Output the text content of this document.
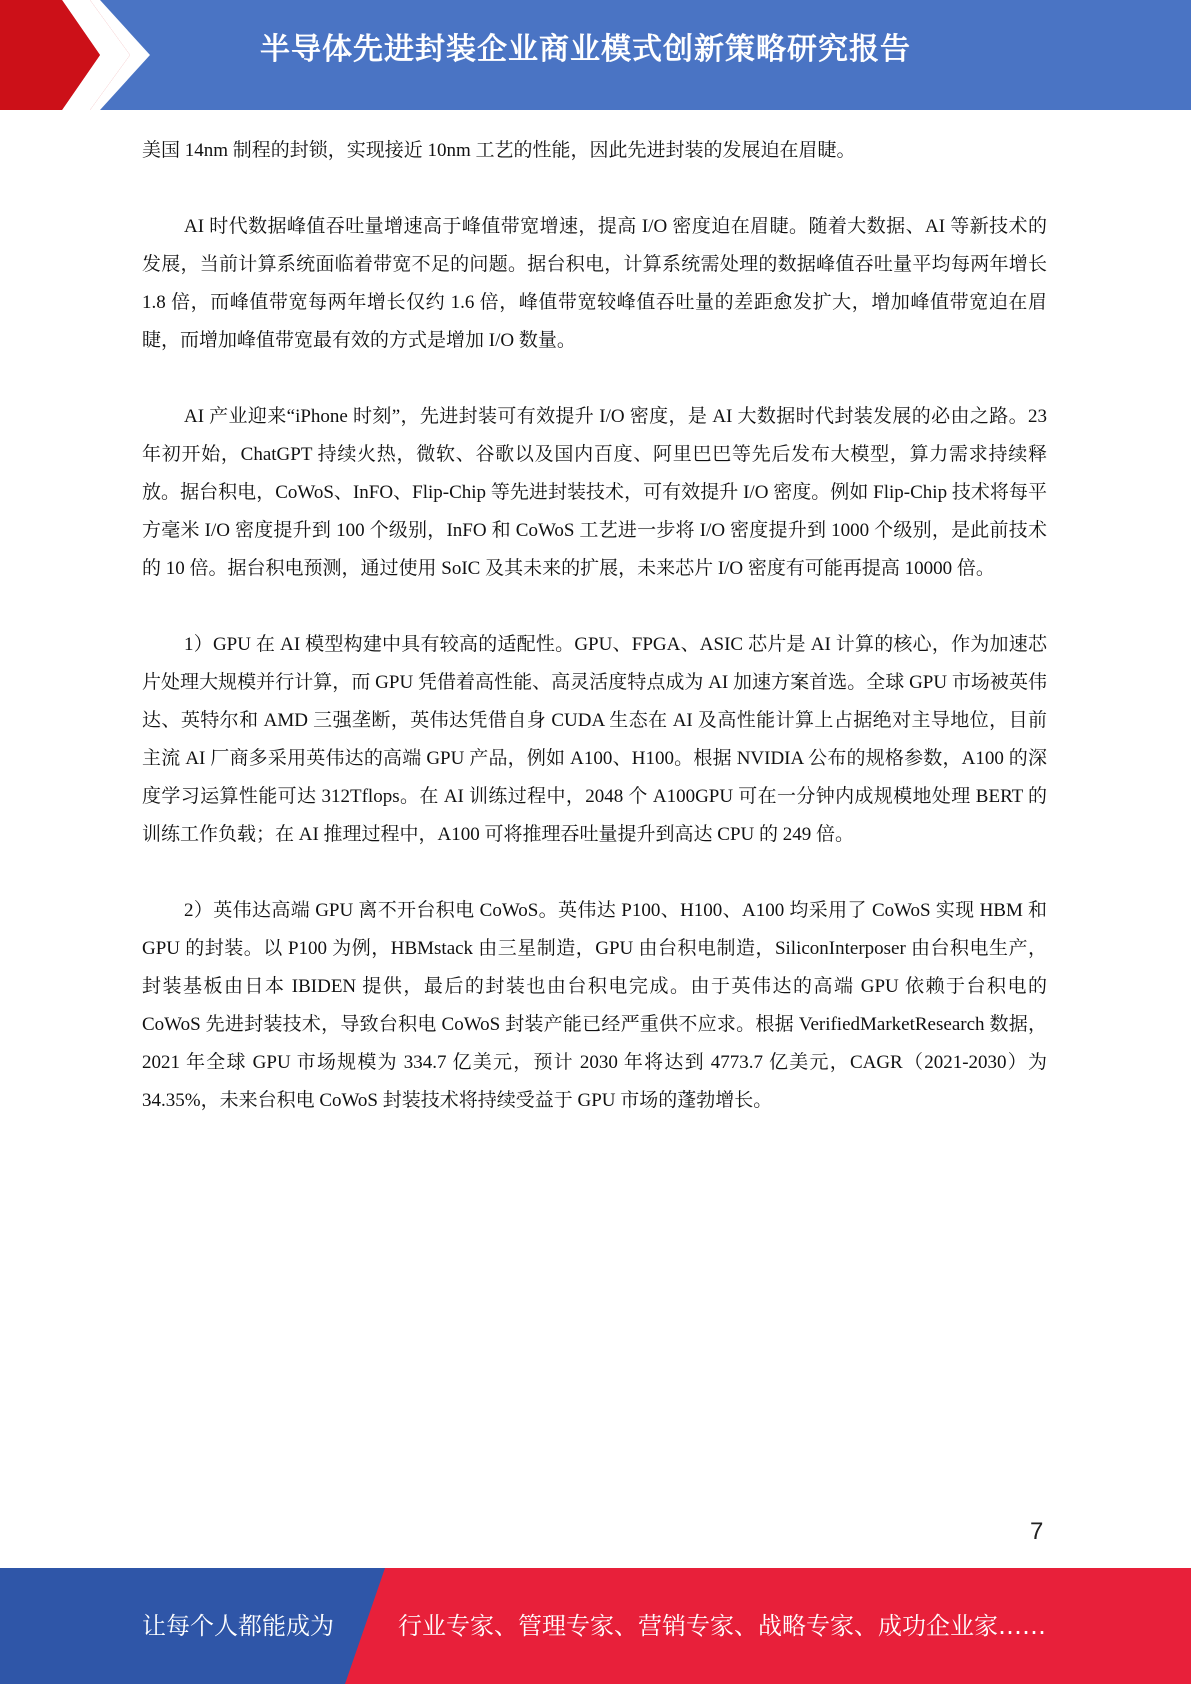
半导体先进封装企业商业模式创新策略研究报告

美国 14nm 制程的封锁，实现接近 10nm 工艺的性能，因此先进封装的发展迫在眉睫。

AI 时代数据峰值吞吐量增速高于峰值带宽增速，提高 I/O 密度迫在眉睫。随着大数据、AI 等新技术的发展，当前计算系统面临着带宽不足的问题。据台积电，计算系统需处理的数据峰值吞吐量平均每两年增长 1.8 倍，而峰值带宽每两年增长仅约 1.6 倍，峰值带宽较峰值吞吐量的差距愈发扩大，增加峰值带宽迫在眉睫，而增加峰值带宽最有效的方式是增加 I/O 数量。

AI 产业迎来“iPhone 时刻”，先进封装可有效提升 I/O 密度，是 AI 大数据时代封装发展的必由之路。23 年初开始，ChatGPT 持续火热，微软、谷歌以及国内百度、阿里巴巴等先后发布大模型，算力需求持续释放。据台积电，CoWoS、InFO、Flip-Chip 等先进封装技术，可有效提升 I/O 密度。例如 Flip-Chip 技术将每平方毫米 I/O 密度提升到 100 个级别，InFO 和 CoWoS 工艺进一步将 I/O 密度提升到 1000 个级别，是此前技术的 10 倍。据台积电预测，通过使用 SoIC 及其未来的扩展，未来芯片 I/O 密度有可能再提高 10000 倍。

1）GPU 在 AI 模型构建中具有较高的适配性。GPU、FPGA、ASIC 芯片是 AI 计算的核心，作为加速芯片处理大规模并行计算，而 GPU 凭借着高性能、高灵活度特点成为 AI 加速方案首选。全球 GPU 市场被英伟达、英特尔和 AMD 三强垄断，英伟达凭借自身 CUDA 生态在 AI 及高性能计算上占据绝对主导地位，目前主流 AI 厂商多采用英伟达的高端 GPU 产品，例如 A100、H100。根据 NVIDIA 公布的规格参数，A100 的深度学习运算性能可达 312Tflops。在 AI 训练过程中，2048 个 A100GPU 可在一分钟内成规模地处理 BERT 的训练工作负载；在 AI 推理过程中，A100 可将推理吞吐量提升到高达 CPU 的 249 倍。

2）英伟达高端 GPU 离不开台积电 CoWoS。英伟达 P100、H100、A100 均采用了 CoWoS 实现 HBM 和 GPU 的封装。以 P100 为例，HBMstack 由三星制造，GPU 由台积电制造，SiliconInterposer 由台积电生产，封装基板由日本 IBIDEN 提供，最后的封装也由台积电完成。由于英伟达的高端 GPU 依赖于台积电的 CoWoS 先进封装技术，导致台积电 CoWoS 封装产能已经严重供不应求。根据 VerifiedMarketResearch 数据，2021 年全球 GPU 市场规模为 334.7 亿美元，预计 2030 年将达到 4773.7 亿美元，CAGR（2021-2030）为 34.35%，未来台积电 CoWoS 封装技术将持续受益于 GPU 市场的蓬勃增长。

7
让每个人都能成为	行业专家、管理专家、营销专家、战略专家、成功企业家……
